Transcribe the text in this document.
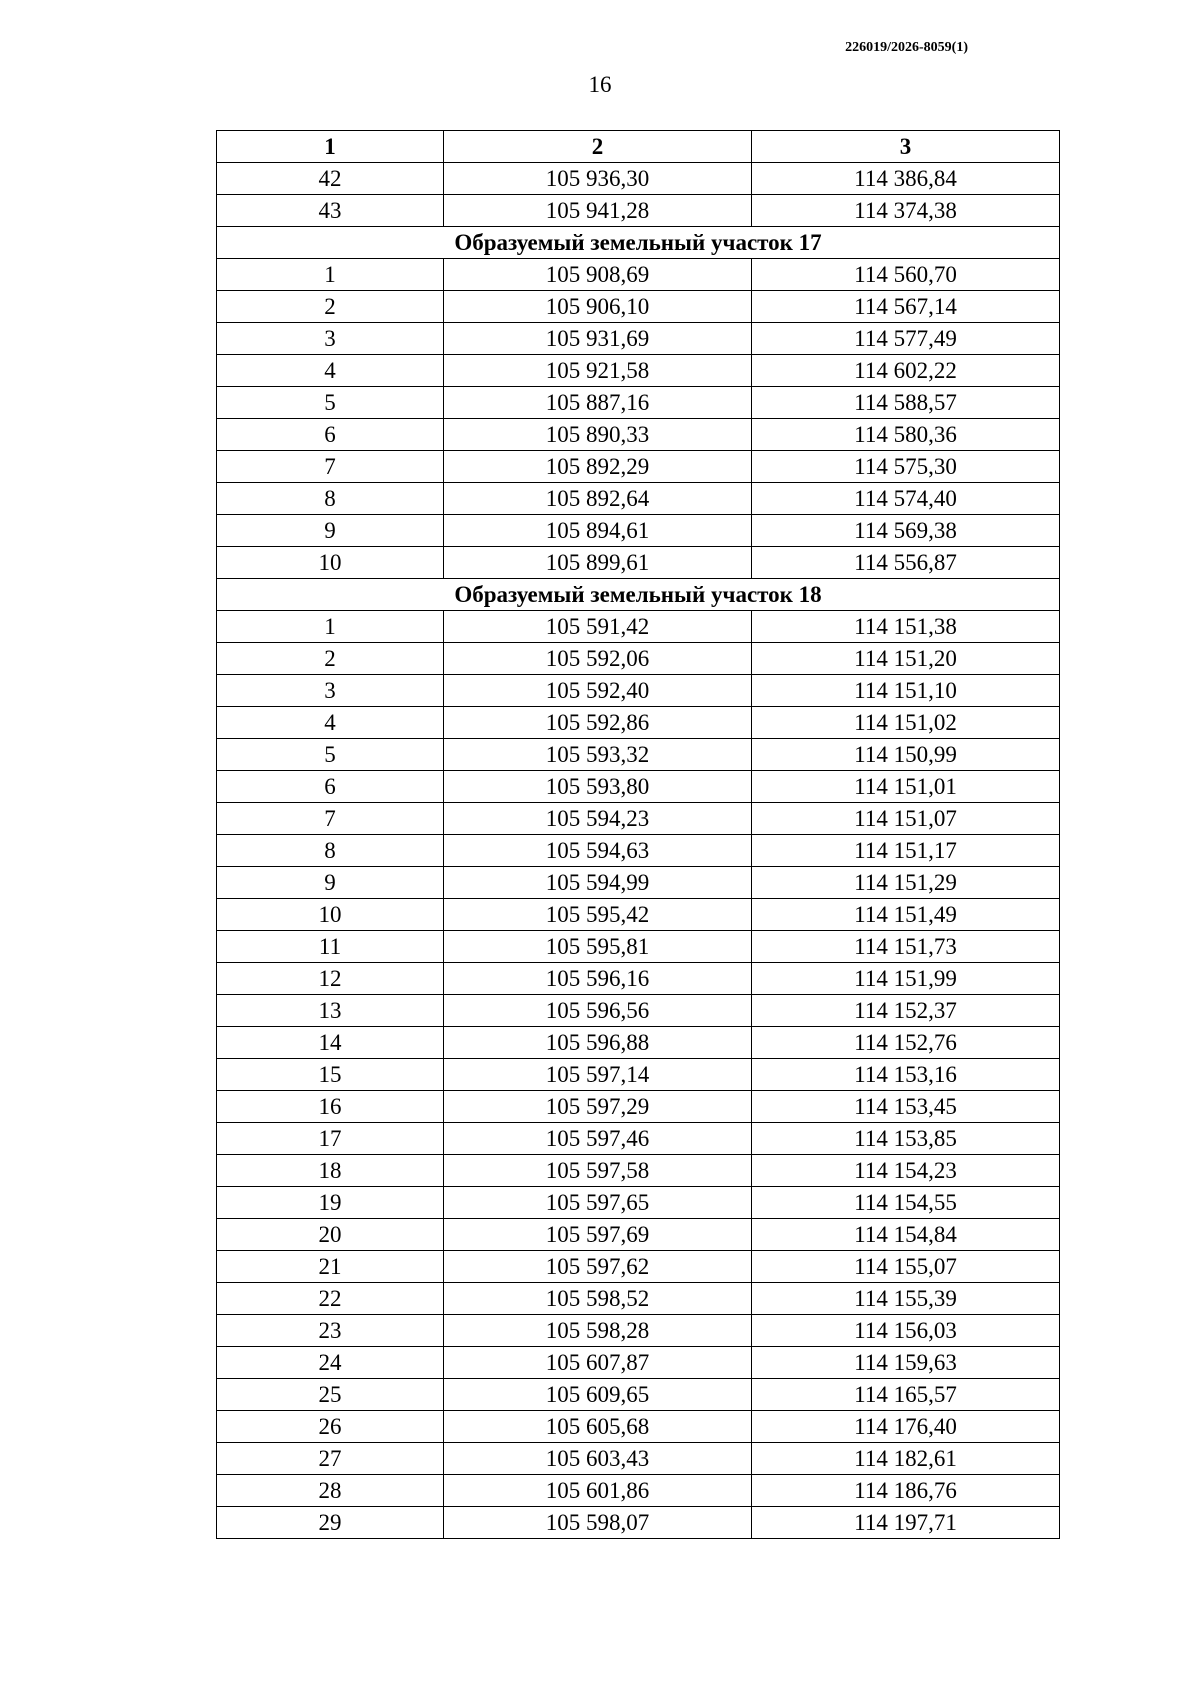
226019/2026-8059(1)
16
1	2	3
42	105 936,30	114 386,84
43	105 941,28	114 374,38
Образуемый земельный участок 17		
1	105 908,69	114 560,70
2	105 906,10	114 567,14
3	105 931,69	114 577,49
4	105 921,58	114 602,22
5	105 887,16	114 588,57
6	105 890,33	114 580,36
7	105 892,29	114 575,30
8	105 892,64	114 574,40
9	105 894,61	114 569,38
10	105 899,61	114 556,87
Образуемый земельный участок 18		
1	105 591,42	114 151,38
2	105 592,06	114 151,20
3	105 592,40	114 151,10
4	105 592,86	114 151,02
5	105 593,32	114 150,99
6	105 593,80	114 151,01
7	105 594,23	114 151,07
8	105 594,63	114 151,17
9	105 594,99	114 151,29
10	105 595,42	114 151,49
11	105 595,81	114 151,73
12	105 596,16	114 151,99
13	105 596,56	114 152,37
14	105 596,88	114 152,76
15	105 597,14	114 153,16
16	105 597,29	114 153,45
17	105 597,46	114 153,85
18	105 597,58	114 154,23
19	105 597,65	114 154,55
20	105 597,69	114 154,84
21	105 597,62	114 155,07
22	105 598,52	114 155,39
23	105 598,28	114 156,03
24	105 607,87	114 159,63
25	105 609,65	114 165,57
26	105 605,68	114 176,40
27	105 603,43	114 182,61
28	105 601,86	114 186,76
29	105 598,07	114 197,71
